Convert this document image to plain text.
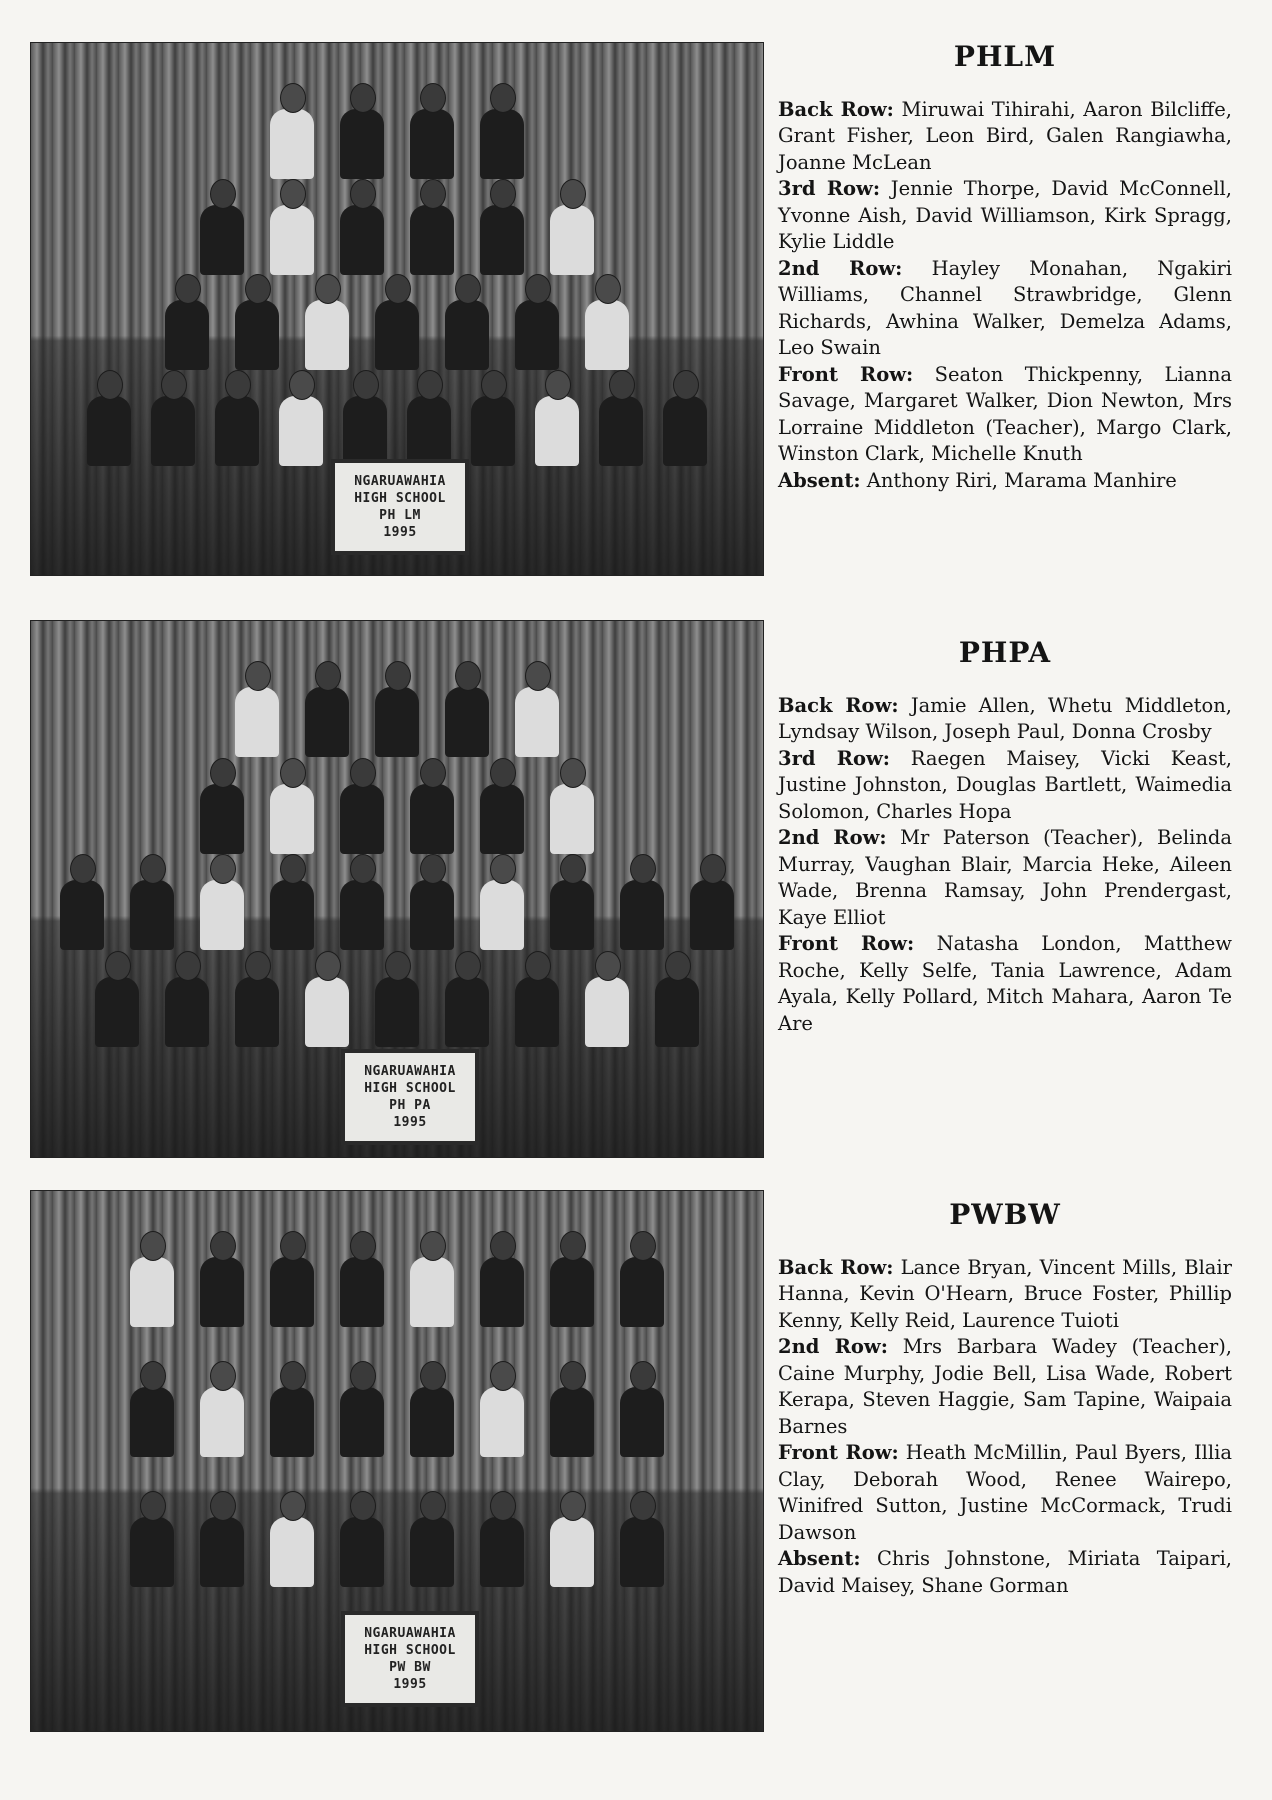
NGARUAWAHIA
HIGH SCHOOL
PH LM
1995
PHLM

Back Row: Miruwai Tihirahi, Aaron Bilcliffe, Grant Fisher, Leon Bird, Galen Rangiawha, Joanne McLean

3rd Row: Jennie Thorpe, David McConnell, Yvonne Aish, David Williamson, Kirk Spragg, Kylie Liddle

2nd Row: Hayley Monahan, Ngakiri Williams, Channel Strawbridge, Glenn Richards, Awhina Walker, Demelza Adams, Leo Swain

Front Row: Seaton Thickpenny, Lianna Savage, Margaret Walker, Dion Newton, Mrs Lorraine Middleton (Teacher), Margo Clark, Winston Clark, Michelle Knuth

Absent: Anthony Riri, Marama Manhire

NGARUAWAHIA
HIGH SCHOOL
PH PA
1995
PHPA

Back Row: Jamie Allen, Whetu Middleton, Lyndsay Wilson, Joseph Paul, Donna Crosby

3rd Row: Raegen Maisey, Vicki Keast, Justine Johnston, Douglas Bartlett, Waimedia Solomon, Charles Hopa

2nd Row: Mr Paterson (Teacher), Belinda Murray, Vaughan Blair, Marcia Heke, Aileen Wade, Brenna Ramsay, John Prendergast, Kaye Elliot

Front Row: Natasha London, Matthew Roche, Kelly Selfe, Tania Lawrence, Adam Ayala, Kelly Pollard, Mitch Mahara, Aaron Te Are

NGARUAWAHIA
HIGH SCHOOL
PW BW
1995
PWBW

Back Row: Lance Bryan, Vincent Mills, Blair Hanna, Kevin O'Hearn, Bruce Foster, Phillip Kenny, Kelly Reid, Laurence Tuioti

2nd Row: Mrs Barbara Wadey (Teacher), Caine Murphy, Jodie Bell, Lisa Wade, Robert Kerapa, Steven Haggie, Sam Tapine, Waipaia Barnes

Front Row: Heath McMillin, Paul Byers, Illia Clay, Deborah Wood, Renee Wairepo, Winifred Sutton, Justine McCormack, Trudi Dawson

Absent: Chris Johnstone, Miriata Taipari, David Maisey, Shane Gorman
